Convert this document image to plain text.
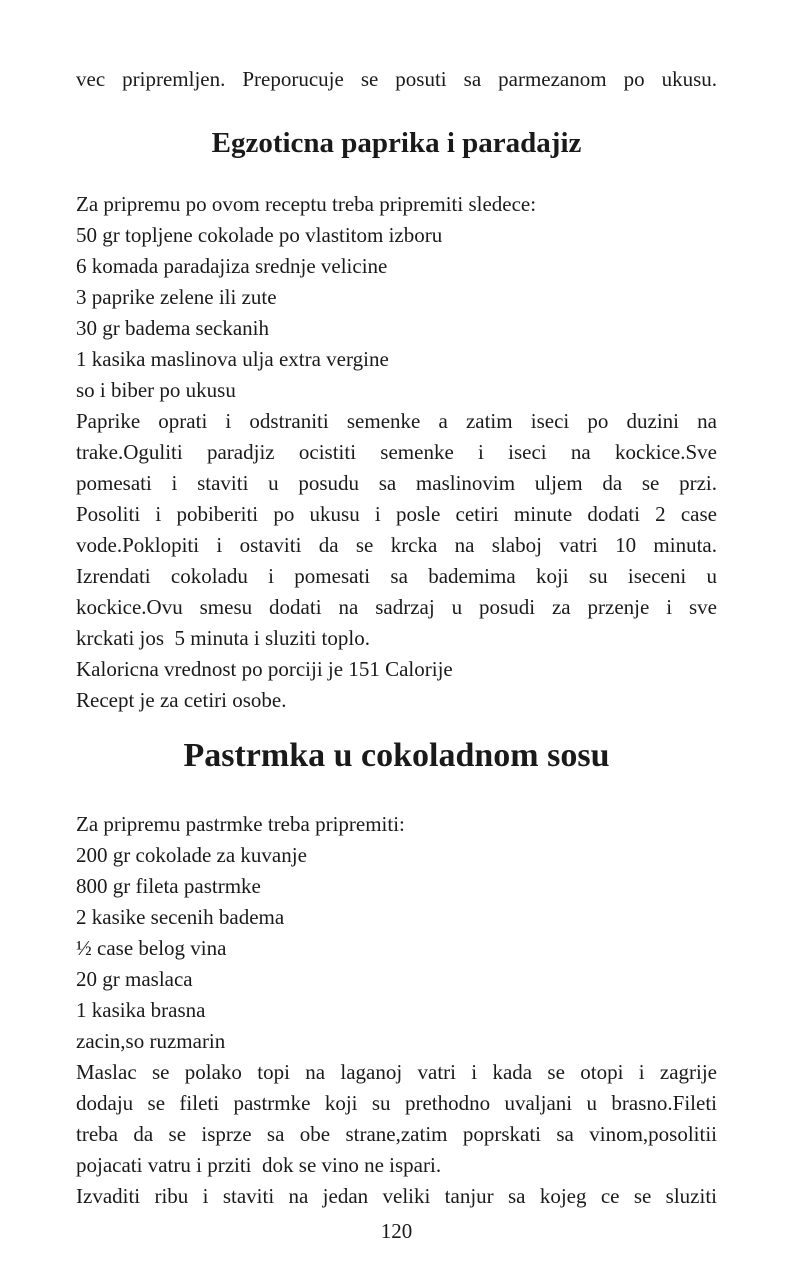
vec pripremljen. Preporucuje se posuti sa parmezanom po ukusu.
Egzoticna paprika i paradajiz
Za pripremu po ovom receptu treba pripremiti sledece:
50 gr topljene cokolade po vlastitom izboru
6 komada paradajiza srednje velicine
3 paprike zelene ili zute
30 gr badema seckanih
1 kasika maslinova ulja extra vergine
so i biber po ukusu
Paprike oprati i odstraniti semenke a zatim iseci po duzini na
trake.Oguliti paradjiz ocistiti semenke i iseci na kockice.Sve
pomesati i staviti u posudu sa maslinovim uljem da se przi.
Posoliti i pobiberiti po ukusu i posle cetiri minute dodati 2 case
vode.Poklopiti i ostaviti da se krcka na slaboj vatri 10 minuta.
Izrendati cokoladu i pomesati sa bademima koji su iseceni u
kockice.Ovu smesu dodati na sadrzaj u posudi za przenje i sve
krckati jos  5 minuta i sluziti toplo.
Kaloricna vrednost po porciji je 151 Calorije
Recept je za cetiri osobe.
Pastrmka u cokoladnom sosu
Za pripremu pastrmke treba pripremiti:
200 gr cokolade za kuvanje
800 gr fileta pastrmke
2 kasike secenih badema
½ case belog vina
20 gr maslaca
1 kasika brasna
zacin,so ruzmarin
Maslac se polako topi na laganoj vatri i kada se otopi i zagrije
dodaju se fileti pastrmke koji su prethodno uvaljani u brasno.Fileti
treba da se isprze sa obe strane,zatim poprskati sa vinom,posolitii
pojacati vatru i prziti  dok se vino ne ispari.
Izvaditi ribu i staviti na jedan veliki tanjur sa kojeg ce se sluziti
120
